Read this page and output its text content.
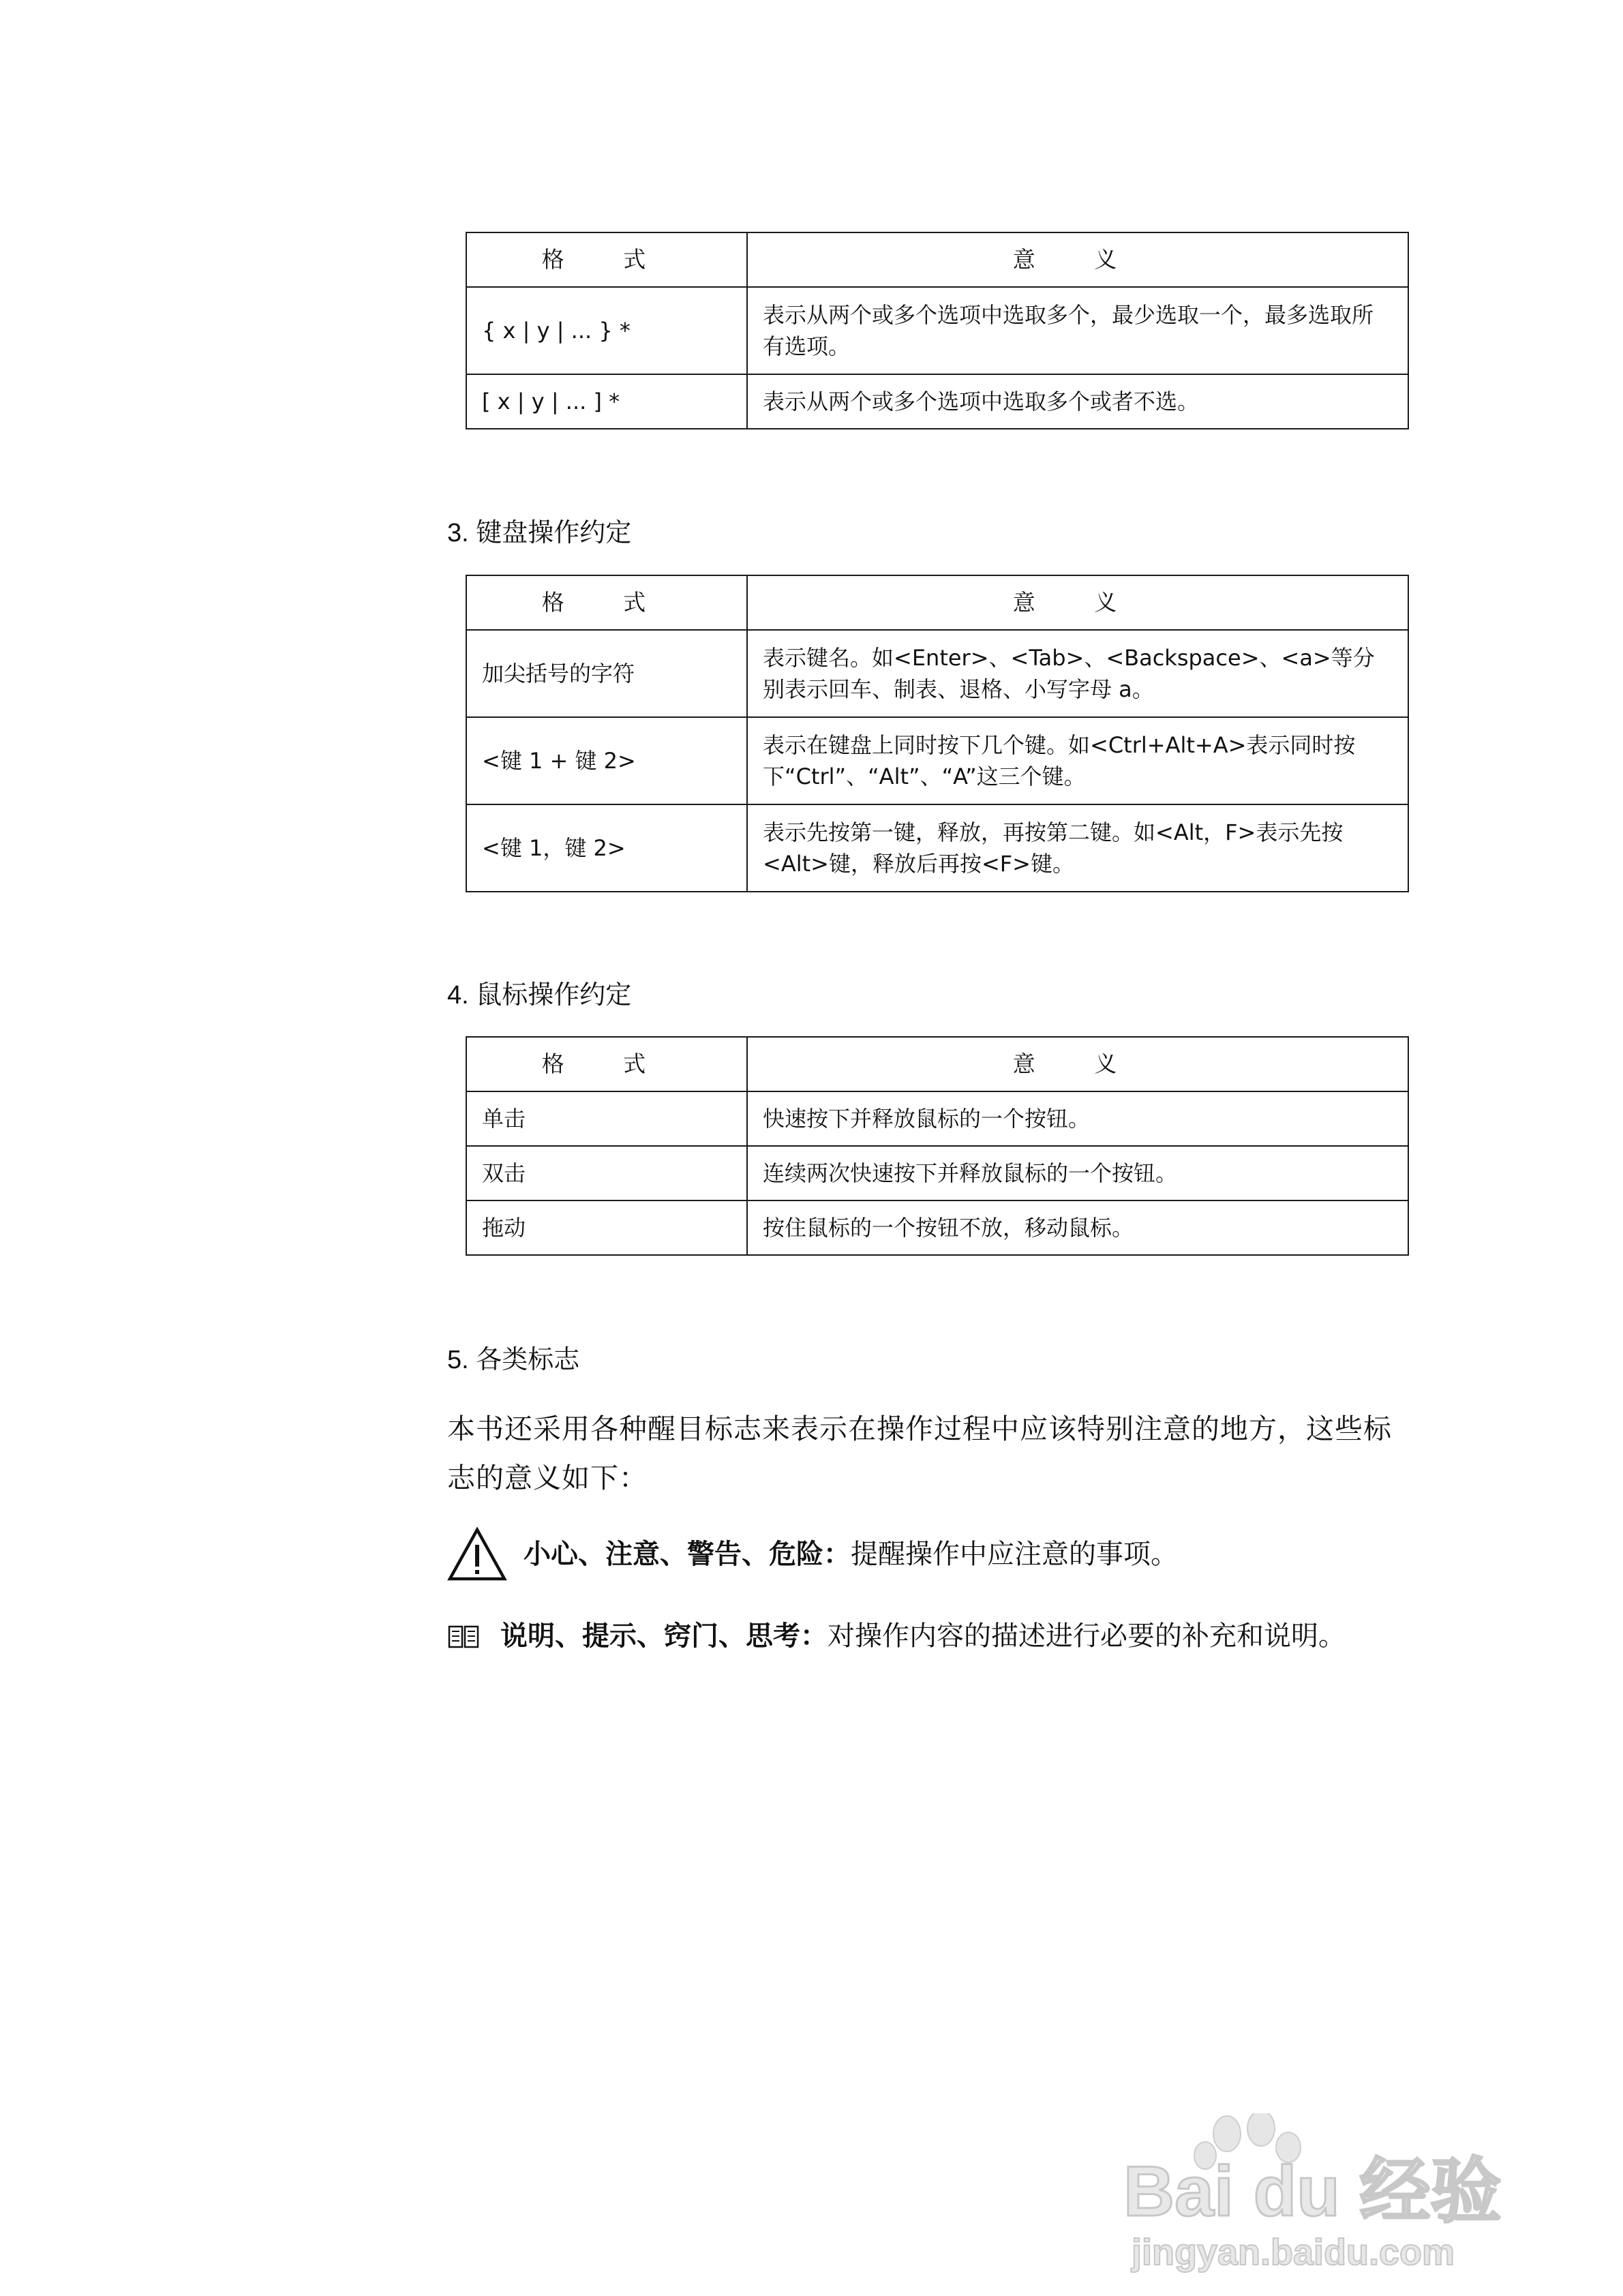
格 式	意 义
{ x | y | ... } *	表示从两个或多个选项中选取多个，最少选取一个，最多选取所有选项。
[ x | y | ... ] *	表示从两个或多个选项中选取多个或者不选。
3. 键盘操作约定
格 式	意 义
加尖括号的字符	表示键名。如<Enter>、<Tab>、<Backspace>、<a>等分别表示回车、制表、退格、小写字母 a。
<键 1 + 键 2>	表示在键盘上同时按下几个键。如<Ctrl+Alt+A>表示同时按下“Ctrl”、“Alt”、“A”这三个键。
<键 1，键 2>	表示先按第一键，释放，再按第二键。如<Alt，F>表示先按<Alt>键，释放后再按<F>键。
4. 鼠标操作约定
格 式	意 义
单击	快速按下并释放鼠标的一个按钮。
双击	连续两次快速按下并释放鼠标的一个按钮。
拖动	按住鼠标的一个按钮不放，移动鼠标。
5. 各类标志
本书还采用各种醒目标志来表示在操作过程中应该特别注意的地方，这些标志的意义如下：
小心、注意、警告、危险： 提醒操作中应注意的事项。
说明、提示、窍门、思考： 对操作内容的描述进行必要的补充和说明。
Bai du 经验
jingyan.baidu.com
